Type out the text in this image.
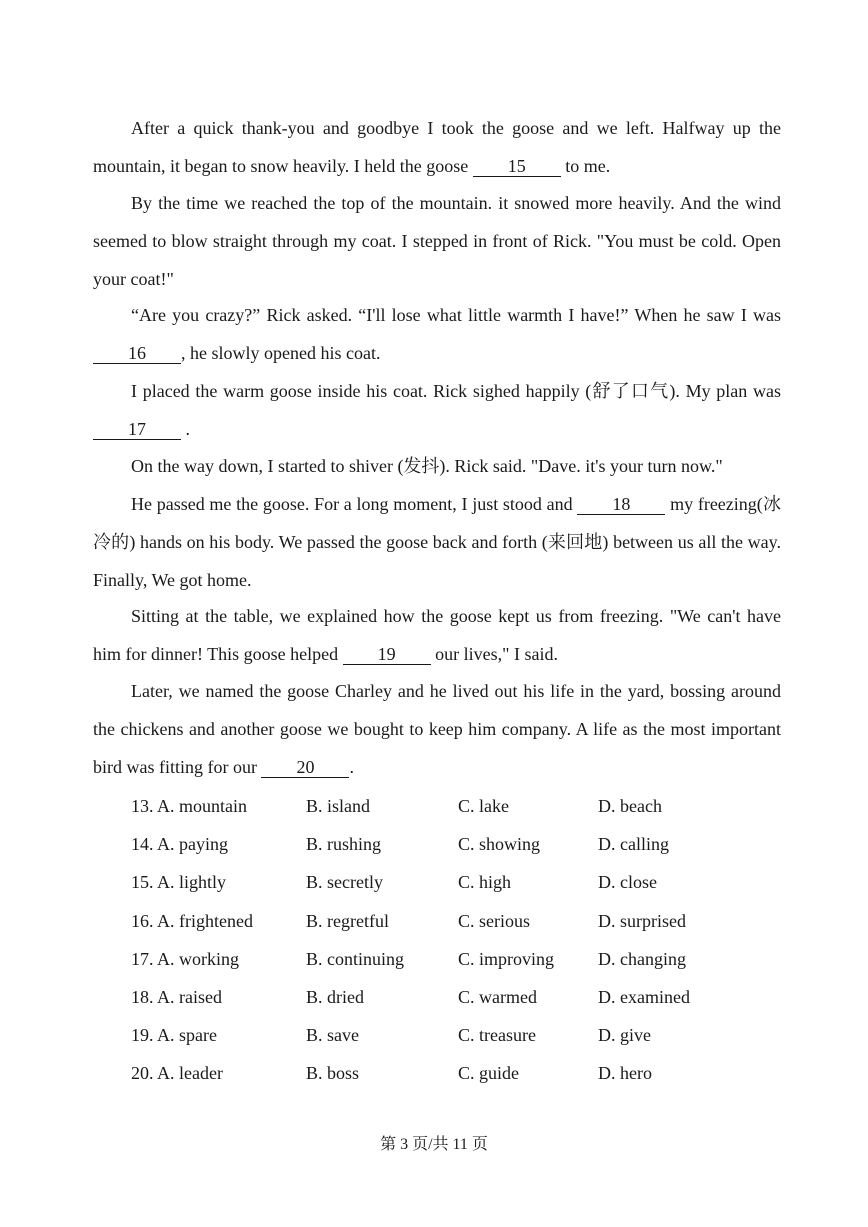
After a quick thank-you and goodbye I took the goose and we left. Halfway up the mountain, it began to snow heavily. I held the goose 15 to me.

By the time we reached the top of the mountain. it snowed more heavily. And the wind seemed to blow straight through my coat. I stepped in front of Rick. "You must be cold. Open your coat!"

“Are you crazy?” Rick asked. “I'll lose what little warmth I have!” When he saw I was 16 , he slowly opened his coat.

I placed the warm goose inside his coat. Rick sighed happily (舒了口气). My plan was 17 .

On the way down, I started to shiver (发抖). Rick said. "Dave. it's your turn now."

He passed me the goose. For a long moment, I just stood and 18 my freezing(冰冷的) hands on his body. We passed the goose back and forth (来回地) between us all the way. Finally, We got home.

Sitting at the table, we explained how the goose kept us from freezing. "We can't have him for dinner! This goose helped 19 our lives," I said.

Later, we named the goose Charley and he lived out his life in the yard, bossing around the chickens and another goose we bought to keep him company. A life as the most important bird was fitting for our 20 .

13. A. mountain	B. island	C. lake	D. beach
14. A. paying	B. rushing	C. showing	D. calling
15. A. lightly	B. secretly	C. high	D. close
16. A. frightened	B. regretful	C. serious	D. surprised
17. A. working	B. continuing	C. improving D. changing
18. A. raised	B. dried	C. warmed	D. examined
19. A. spare	B. save	C. treasure	D. give
20. A. leader	B. boss	C. guide	D. hero
第 3 页/共 11 页
